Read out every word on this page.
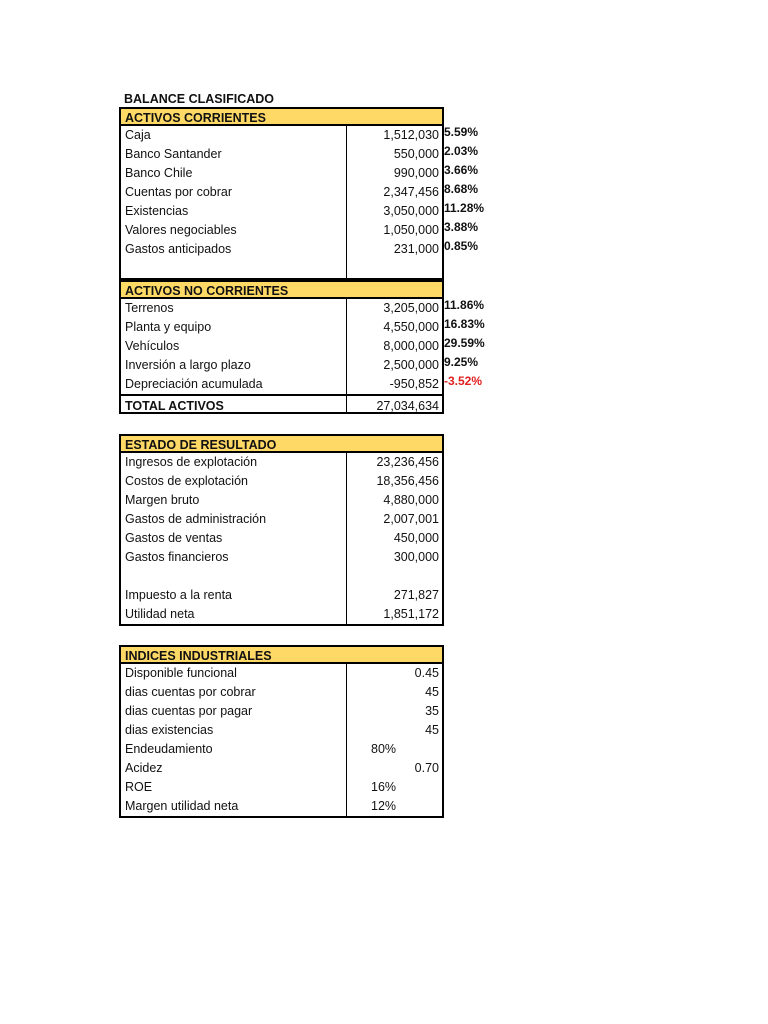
BALANCE CLASIFICADO
ACTIVOS CORRIENTES
Caja	1,512,030 5.59%
Banco Santander	550,000 2.03%
Banco Chile	990,000 3.66%
Cuentas por cobrar	2,347,456 8.68%
Existencias	3,050,000 11.28%
Valores negociables	1,050,000 3.88%
Gastos anticipados	231,000 0.85%
ACTIVOS NO CORRIENTES
Terrenos	3,205,000 11.86%
Planta y equipo	4,550,000 16.83%
Vehículos	8,000,000 29.59%
Inversión a largo plazo	2,500,000 9.25%
Depreciación acumulada	-950,852 -3.52%
TOTAL ACTIVOS	27,034,634
ESTADO DE RESULTADO
Ingresos de explotación	23,236,456
Costos de explotación	18,356,456
Margen bruto	4,880,000
Gastos de administración	2,007,001
Gastos de ventas	450,000
Gastos financieros	300,000
Impuesto a la renta	271,827
Utilidad neta	1,851,172
INDICES INDUSTRIALES
Disponible funcional	0.45
dias cuentas por cobrar	45
dias cuentas por pagar	35
dias existencias	45
Endeudamiento	80%
Acidez	0.70
ROE	16%
Margen utilidad neta	12%
